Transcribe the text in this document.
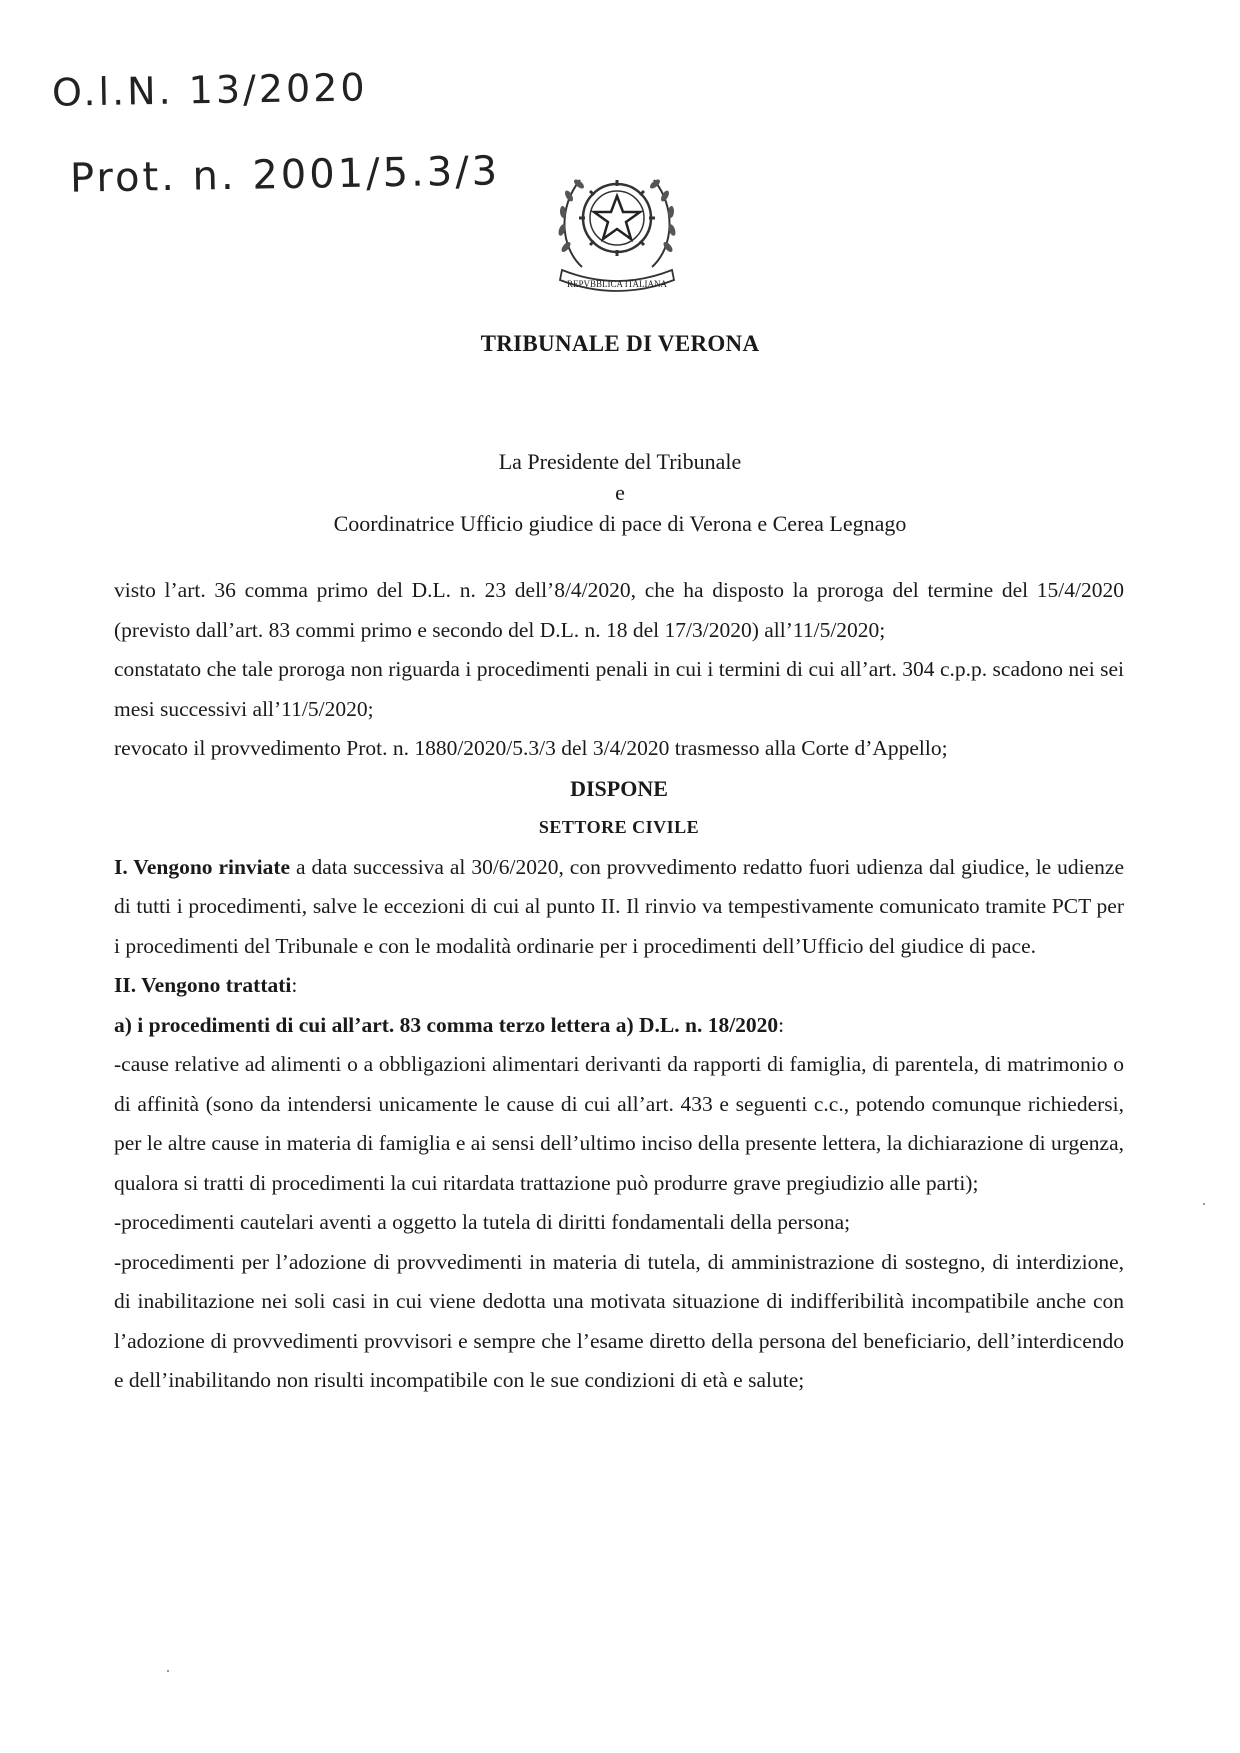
O.l.N. 13/2020
Prot. n. 2001/5.3/3
REPVBBLICA ITALIANA
TRIBUNALE DI VERONA
La Presidente del Tribunale
e
Coordinatrice Ufficio giudice di pace di Verona e Cerea Legnago

visto l’art. 36 comma primo del D.L. n. 23 dell’8/4/2020, che ha disposto la proroga del termine del 15/4/2020 (previsto dall’art. 83 commi primo e secondo del D.L. n. 18 del 17/3/2020) all’11/5/2020;

constatato che tale proroga non riguarda i procedimenti penali in cui i termini di cui all’art. 304 c.p.p. scadono nei sei mesi successivi all’11/5/2020;

revocato il provvedimento Prot. n. 1880/2020/5.3/3 del 3/4/2020 trasmesso alla Corte d’Appello;

DISPONE

SETTORE CIVILE

I. Vengono rinviate a data successiva al 30/6/2020, con provvedimento redatto fuori udienza dal giudice, le udienze di tutti i procedimenti, salve le eccezioni di cui al punto II. Il rinvio va tempestivamente comunicato tramite PCT per i procedimenti del Tribunale e con le modalità ordinarie per i procedimenti dell’Ufficio del giudice di pace.

II. Vengono trattati:

a) i procedimenti di cui all’art. 83 comma terzo lettera a) D.L. n. 18/2020:

-cause relative ad alimenti o a obbligazioni alimentari derivanti da rapporti di famiglia, di parentela, di matrimonio o di affinità (sono da intendersi unicamente le cause di cui all’art. 433 e seguenti c.c., potendo comunque richiedersi, per le altre cause in materia di famiglia e ai sensi dell’ultimo inciso della presente lettera, la dichiarazione di urgenza, qualora si tratti di procedimenti la cui ritardata trattazione può produrre grave pregiudizio alle parti);

-procedimenti cautelari aventi a oggetto la tutela di diritti fondamentali della persona;

-procedimenti per l’adozione di provvedimenti in materia di tutela, di amministrazione di sostegno, di interdizione, di inabilitazione nei soli casi in cui viene dedotta una motivata situazione di indifferibilità incompatibile anche con l’adozione di provvedimenti provvisori e sempre che l’esame diretto della persona del beneficiario, dell’interdicendo e dell’inabilitando non risulti incompatibile con le sue condizioni di età e salute;
